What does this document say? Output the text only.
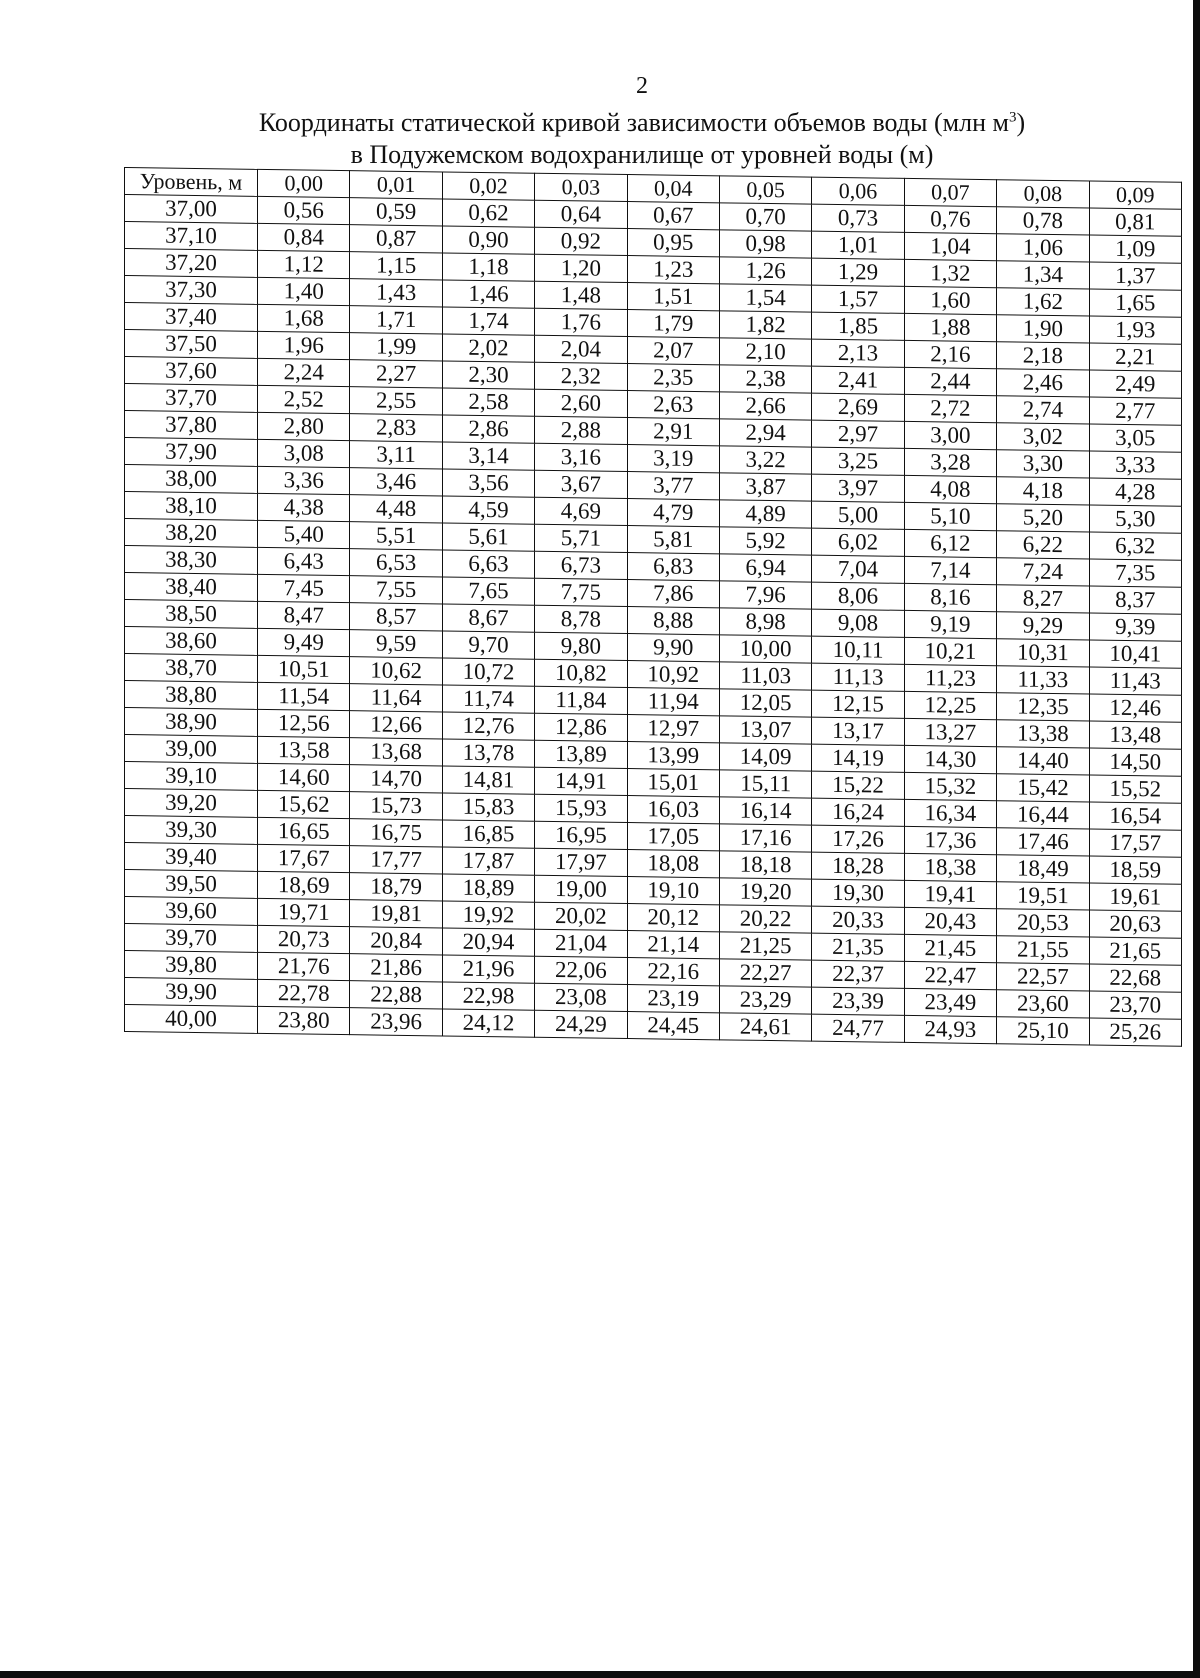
2
Координаты статической кривой зависимости объемов воды (млн $м^3$)
в Подужемском водохранилище от уровней воды (м)
Уровень, м	0,00	0,01	0,02	0,03	0,04	0,05	0,06	0,07	0,08	0,09
37,00	0,56	0,59	0,62	0,64	0,67	0,70	0,73	0,76	0,78	0,81
37,10	0,84	0,87	0,90	0,92	0,95	0,98	1,01	1,04	1,06	1,09
37,20	1,12	1,15	1,18	1,20	1,23	1,26	1,29	1,32	1,34	1,37
37,30	1,40	1,43	1,46	1,48	1,51	1,54	1,57	1,60	1,62	1,65
37,40	1,68	1,71	1,74	1,76	1,79	1,82	1,85	1,88	1,90	1,93
37,50	1,96	1,99	2,02	2,04	2,07	2,10	2,13	2,16	2,18	2,21
37,60	2,24	2,27	2,30	2,32	2,35	2,38	2,41	2,44	2,46	2,49
37,70	2,52	2,55	2,58	2,60	2,63	2,66	2,69	2,72	2,74	2,77
37,80	2,80	2,83	2,86	2,88	2,91	2,94	2,97	3,00	3,02	3,05
37,90	3,08	3,11	3,14	3,16	3,19	3,22	3,25	3,28	3,30	3,33
38,00	3,36	3,46	3,56	3,67	3,77	3,87	3,97	4,08	4,18	4,28
38,10	4,38	4,48	4,59	4,69	4,79	4,89	5,00	5,10	5,20	5,30
38,20	5,40	5,51	5,61	5,71	5,81	5,92	6,02	6,12	6,22	6,32
38,30	6,43	6,53	6,63	6,73	6,83	6,94	7,04	7,14	7,24	7,35
38,40	7,45	7,55	7,65	7,75	7,86	7,96	8,06	8,16	8,27	8,37
38,50	8,47	8,57	8,67	8,78	8,88	8,98	9,08	9,19	9,29	9,39
38,60	9,49	9,59	9,70	9,80	9,90	10,00	10,11	10,21	10,31	10,41
38,70	10,51	10,62	10,72	10,82	10,92	11,03	11,13	11,23	11,33	11,43
38,80	11,54	11,64	11,74	11,84	11,94	12,05	12,15	12,25	12,35	12,46
38,90	12,56	12,66	12,76	12,86	12,97	13,07	13,17	13,27	13,38	13,48
39,00	13,58	13,68	13,78	13,89	13,99	14,09	14,19	14,30	14,40	14,50
39,10	14,60	14,70	14,81	14,91	15,01	15,11	15,22	15,32	15,42	15,52
39,20	15,62	15,73	15,83	15,93	16,03	16,14	16,24	16,34	16,44	16,54
39,30	16,65	16,75	16,85	16,95	17,05	17,16	17,26	17,36	17,46	17,57
39,40	17,67	17,77	17,87	17,97	18,08	18,18	18,28	18,38	18,49	18,59
39,50	18,69	18,79	18,89	19,00	19,10	19,20	19,30	19,41	19,51	19,61
39,60	19,71	19,81	19,92	20,02	20,12	20,22	20,33	20,43	20,53	20,63
39,70	20,73	20,84	20,94	21,04	21,14	21,25	21,35	21,45	21,55	21,65
39,80	21,76	21,86	21,96	22,06	22,16	22,27	22,37	22,47	22,57	22,68
39,90	22,78	22,88	22,98	23,08	23,19	23,29	23,39	23,49	23,60	23,70
40,00	23,80	23,96	24,12	24,29	24,45	24,61	24,77	24,93	25,10	25,26
